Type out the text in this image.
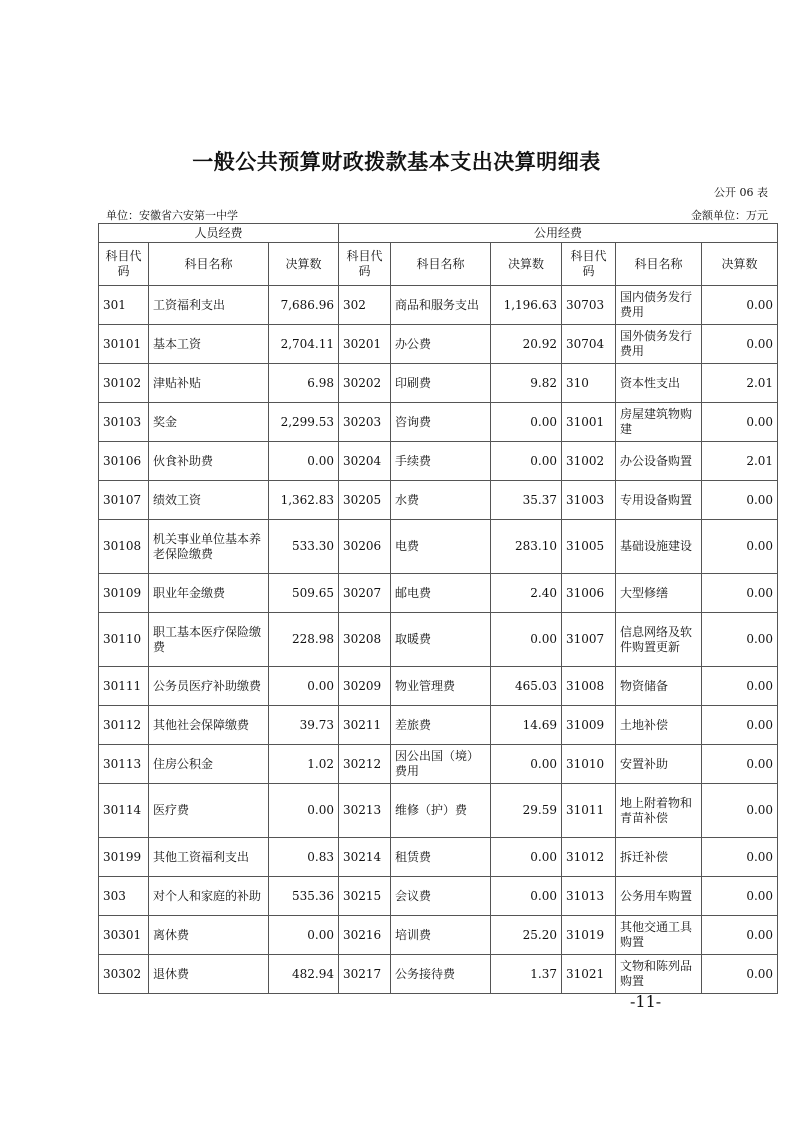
一般公共预算财政拨款基本支出决算明细表
公开 06 表
单位：安徽省六安第一中学	金额单位：万元
人员经费			公用经费					
科目代码	科目名称	决算数	科目代码	科目名称	决算数	科目代码	科目名称	决算数
301	工资福利支出	7,686.96	302	商品和服务支出	1,196.63	30703	国内债务发行费用	0.00
30101	基本工资	2,704.11	30201	办公费	20.92	30704	国外债务发行费用	0.00
30102	津贴补贴	6.98	30202	印刷费	9.82	310	资本性支出	2.01
30103	奖金	2,299.53	30203	咨询费	0.00	31001	房屋建筑物购建	0.00
30106	伙食补助费	0.00	30204	手续费	0.00	31002	办公设备购置	2.01
30107	绩效工资	1,362.83	30205	水费	35.37	31003	专用设备购置	0.00
30108	机关事业单位基本养老保险缴费	533.30	30206	电费	283.10	31005	基础设施建设	0.00
30109	职业年金缴费	509.65	30207	邮电费	2.40	31006	大型修缮	0.00
30110	职工基本医疗保险缴费	228.98	30208	取暖费	0.00	31007	信息网络及软件购置更新	0.00
30111	公务员医疗补助缴费	0.00	30209	物业管理费	465.03	31008	物资储备	0.00
30112	其他社会保障缴费	39.73	30211	差旅费	14.69	31009	土地补偿	0.00
30113	住房公积金	1.02	30212	因公出国（境）费用	0.00	31010	安置补助	0.00
30114	医疗费	0.00	30213	维修（护）费	29.59	31011	地上附着物和青苗补偿	0.00
30199	其他工资福利支出	0.83	30214	租赁费	0.00	31012	拆迁补偿	0.00
303	对个人和家庭的补助	535.36	30215	会议费	0.00	31013	公务用车购置	0.00
30301	离休费	0.00	30216	培训费	25.20	31019	其他交通工具购置	0.00
30302	退休费	482.94	30217	公务接待费	1.37	31021	文物和陈列品购置	0.00
-11-
